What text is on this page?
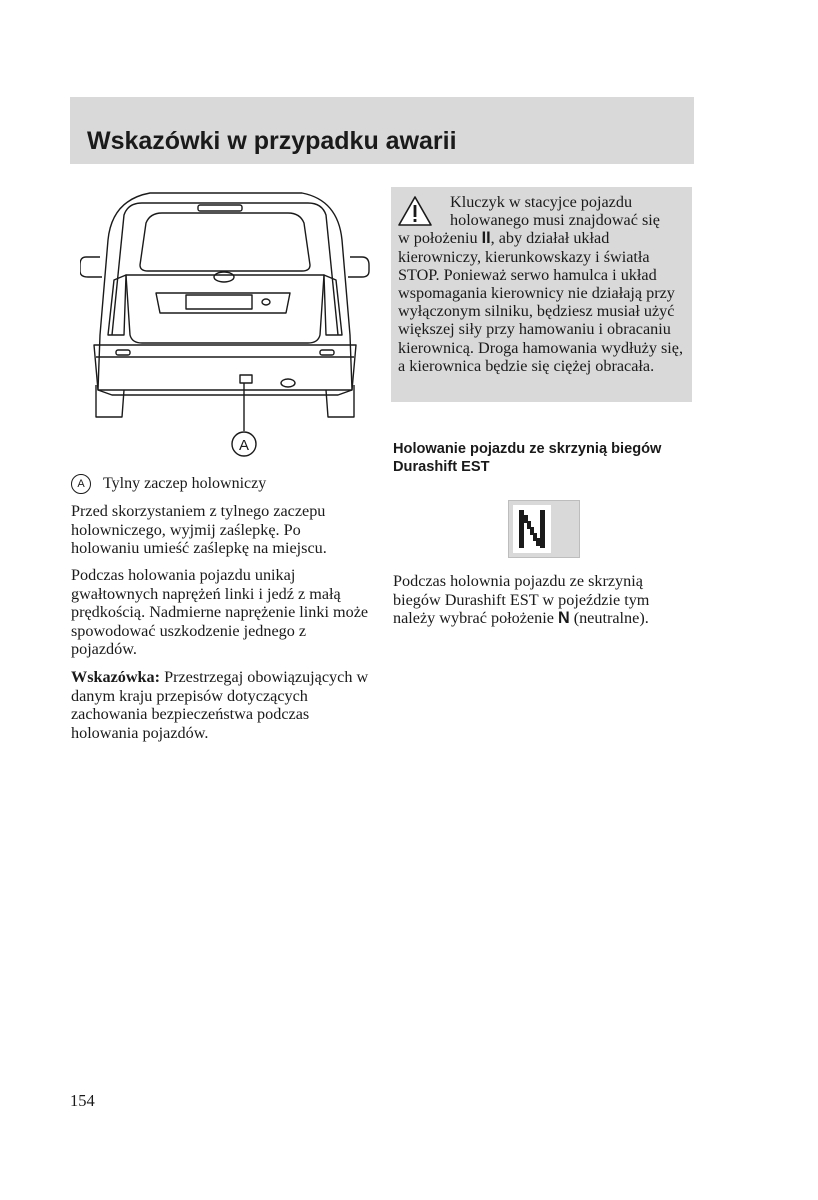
Wskazówki w przypadku awarii
A
A	Tylny zaczep holowniczy

Przed skorzystaniem z tylnego zaczepu holowniczego, wyjmij zaślepkę. Po holowaniu umieść zaślepkę na miejscu.

Podczas holowania pojazdu unikaj gwałtownych naprężeń linki i jedź z małą prędkością. Nadmierne naprężenie linki może spowodować uszkodzenie jednego z pojazdów.

Wskazówka: Przestrzegaj obowiązujących w danym kraju przepisów dotyczących zachowania bezpieczeństwa podczas holowania pojazdów.

Kluczyk w stacyjce pojazdu
holowanego musi znajdować się
w położeniu II, aby działał układ kierowniczy, kierunkowskazy i światła STOP. Ponieważ serwo hamulca i układ wspomagania kierownicy nie działają przy wyłączonym silniku, będziesz musiał użyć większej siły przy hamowaniu i obracaniu kierownicą. Droga hamowania wydłuży się, a kierownica będzie się ciężej obracała.
Holowanie pojazdu ze skrzynią biegów Durashift EST

Podczas holownia pojazdu ze skrzynią biegów Durashift EST w pojeździe tym należy wybrać położenie N (neutralne).

154
